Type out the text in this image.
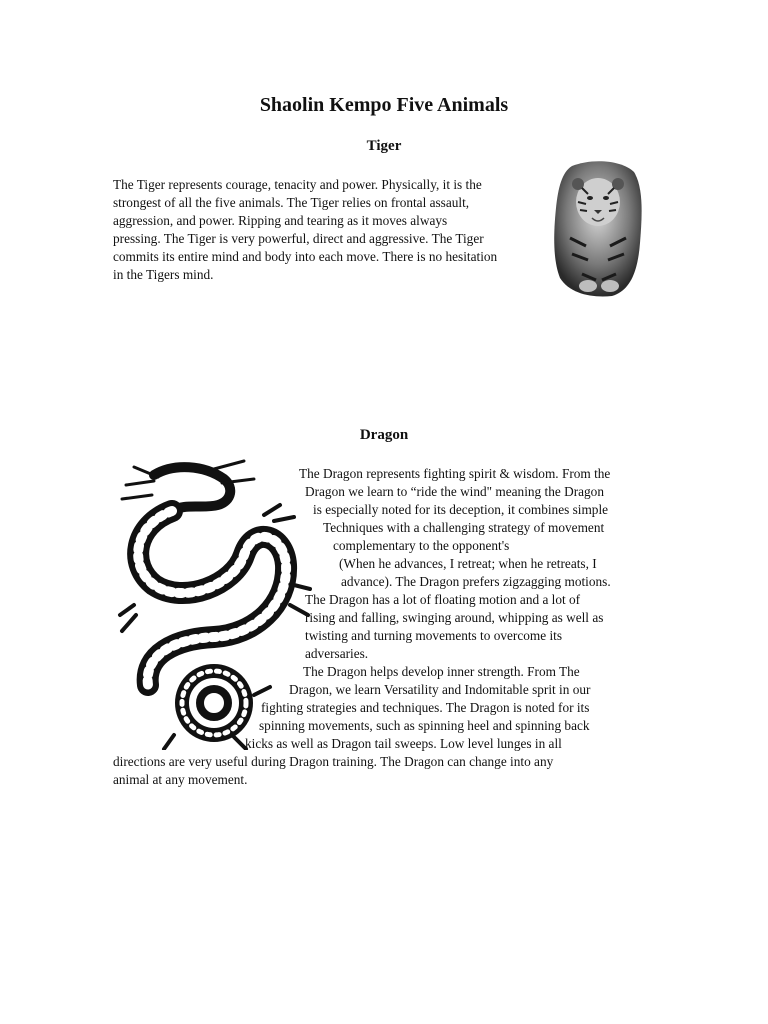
Shaolin Kempo Five Animals
Tiger
The Tiger represents courage, tenacity and power. Physically, it is the
strongest of all the five animals. The Tiger relies on frontal assault,
aggression, and power. Ripping and tearing as it moves always
pressing. The Tiger is very powerful, direct and aggressive. The Tiger
commits its entire mind and body into each move. There is no hesitation
in the Tigers mind.
Dragon
The Dragon represents fighting spirit & wisdom. From the
Dragon we learn to “ride the wind" meaning the Dragon
is especially noted for its deception, it combines simple
Techniques with a challenging strategy of movement
complementary to the opponent's
(When he advances, I retreat; when he retreats, I
advance). The Dragon prefers zigzagging motions.
The Dragon has a lot of floating motion and a lot of
rising and falling, swinging around, whipping as well as
twisting and turning movements to overcome its
adversaries.
The Dragon helps develop inner strength. From The
Dragon, we learn Versatility and Indomitable sprit in our
fighting strategies and techniques. The Dragon is noted for its
spinning movements, such as spinning heel and spinning back
kicks as well as Dragon tail sweeps. Low level lunges in all
directions are very useful during Dragon training. The Dragon can change into any
animal at any movement.
